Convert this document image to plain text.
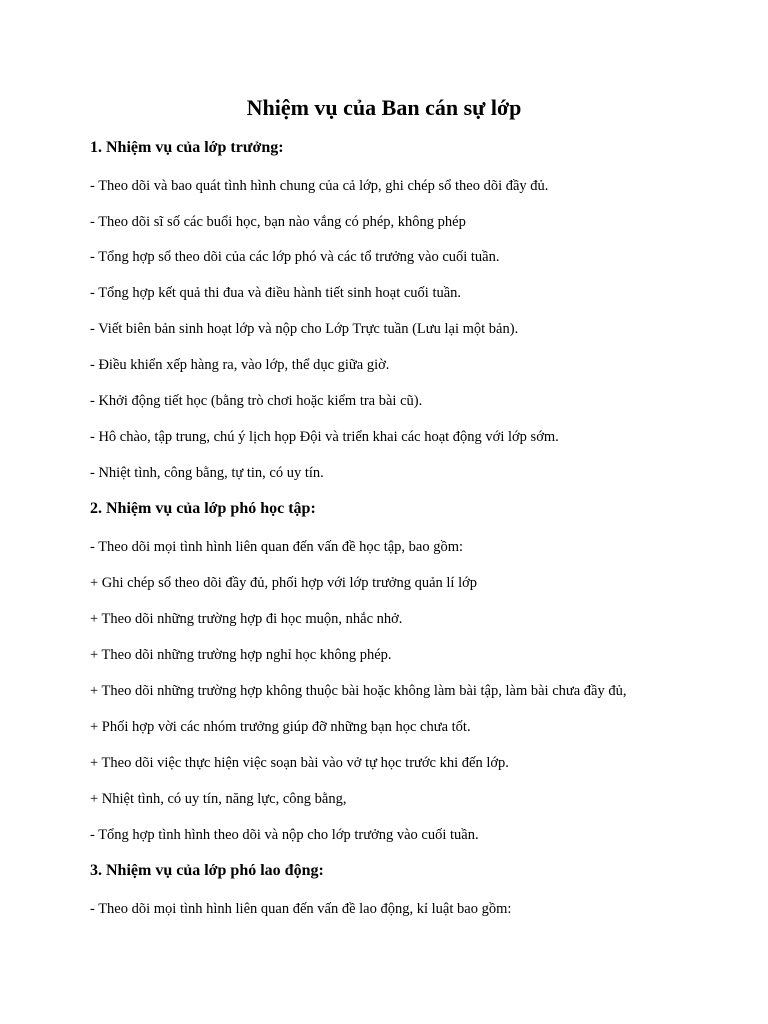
Nhiệm vụ của Ban cán sự lớp
1. Nhiệm vụ của lớp trưởng:

- Theo dõi và bao quát tình hình chung của cả lớp, ghi chép sổ theo dõi đầy đủ.

- Theo dõi sĩ số các buổi học, bạn nào vắng có phép, không phép

- Tổng hợp sổ theo dõi của các lớp phó và các tổ trưởng vào cuối tuần.

- Tổng hợp kết quả thi đua và điều hành tiết sinh hoạt cuối tuần.

- Viết biên bản sinh hoạt lớp và nộp cho Lớp Trực tuần (Lưu lại một bản).

- Điều khiển xếp hàng ra, vào lớp, thể dục giữa giờ.

- Khởi động tiết học (bằng trò chơi hoặc kiểm tra bài cũ).

- Hô chào, tập trung, chú ý lịch họp Đội và triển khai các hoạt động với lớp sớm.

- Nhiệt tình, công bằng, tự tin, có uy tín.

2. Nhiệm vụ của lớp phó học tập:

- Theo dõi mọi tình hình liên quan đến vấn đề học tập, bao gồm:

+ Ghi chép sổ theo dõi đầy đủ, phối hợp với lớp trưởng quản lí lớp

+ Theo dõi những trường hợp đi học muộn, nhắc nhở.

+ Theo dõi những trường hợp nghỉ học không phép.

+ Theo dõi những trường hợp không thuộc bài hoặc không làm bài tập, làm bài chưa đầy đủ,

+ Phối hợp vời các nhóm trưởng giúp đỡ những bạn học chưa tốt.

+ Theo dõi việc thực hiện việc soạn bài vào vở tự học trước khi đến lớp.

+ Nhiệt tình, có uy tín, năng lực, công bằng,

- Tổng hợp tình hình theo dõi và nộp cho lớp trưởng vào cuối tuần.

3. Nhiệm vụ của lớp phó lao động:

- Theo dõi mọi tình hình liên quan đến vấn đề lao động, kỉ luật bao gồm:
